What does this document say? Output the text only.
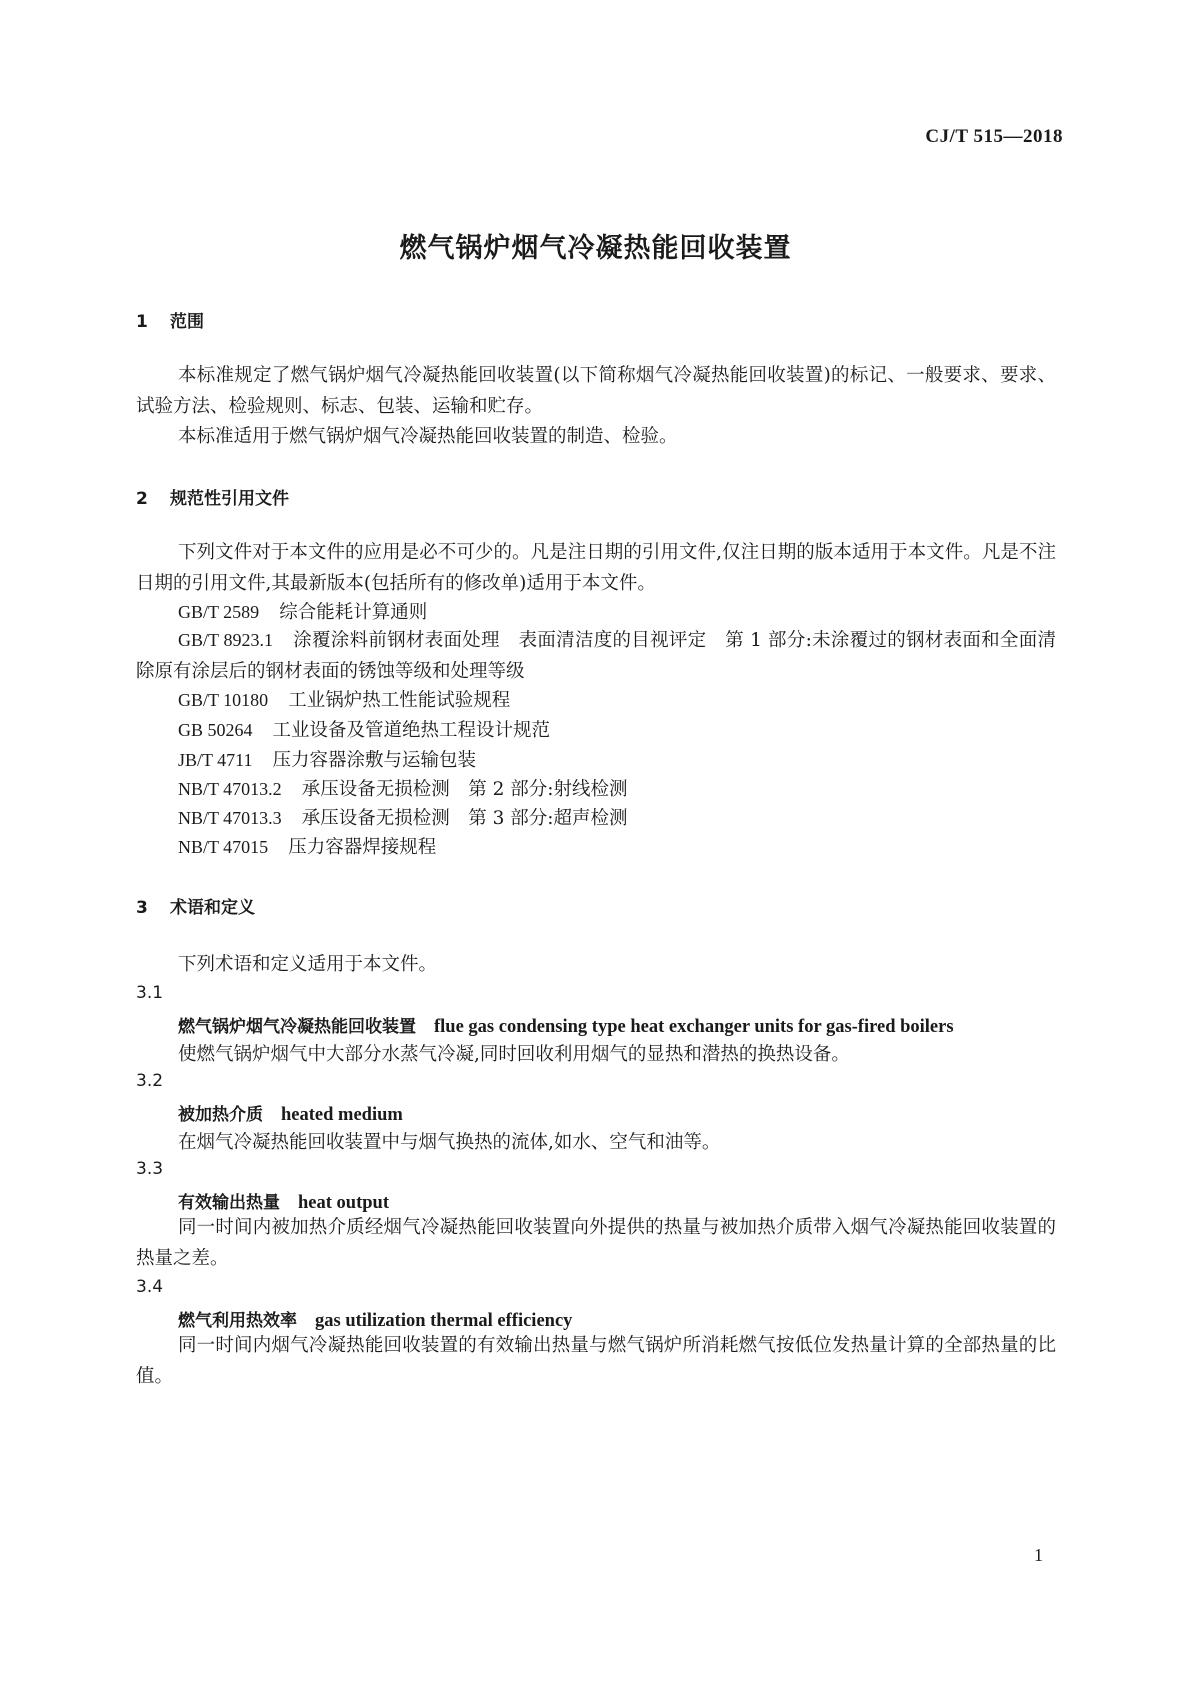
CJ/T 515—2018
燃气锅炉烟气冷凝热能回收装置
1 范围
本标准规定了燃气锅炉烟气冷凝热能回收装置(以下简称烟气冷凝热能回收装置)的标记、一般要求、要求、试验方法、检验规则、标志、包装、运输和贮存。
本标准适用于燃气锅炉烟气冷凝热能回收装置的制造、检验。
2 规范性引用文件
下列文件对于本文件的应用是必不可少的。凡是注日期的引用文件,仅注日期的版本适用于本文件。凡是不注日期的引用文件,其最新版本(包括所有的修改单)适用于本文件。
GB/T 2589 综合能耗计算通则
GB/T 8923.1 涂覆涂料前钢材表面处理　表面清洁度的目视评定　第 1 部分:未涂覆过的钢材表面和全面清除原有涂层后的钢材表面的锈蚀等级和处理等级
GB/T 10180 工业锅炉热工性能试验规程
GB 50264 工业设备及管道绝热工程设计规范
JB/T 4711 压力容器涂敷与运输包装
NB/T 47013.2 承压设备无损检测　第 2 部分:射线检测
NB/T 47013.3 承压设备无损检测　第 3 部分:超声检测
NB/T 47015 压力容器焊接规程
3 术语和定义
下列术语和定义适用于本文件。
3.1
燃气锅炉烟气冷凝热能回收装置 flue gas condensing type heat exchanger units for gas-fired boilers
使燃气锅炉烟气中大部分水蒸气冷凝,同时回收利用烟气的显热和潜热的换热设备。
3.2
被加热介质 heated medium
在烟气冷凝热能回收装置中与烟气换热的流体,如水、空气和油等。
3.3
有效输出热量 heat output
同一时间内被加热介质经烟气冷凝热能回收装置向外提供的热量与被加热介质带入烟气冷凝热能回收装置的热量之差。
3.4
燃气利用热效率 gas utilization thermal efficiency
同一时间内烟气冷凝热能回收装置的有效输出热量与燃气锅炉所消耗燃气按低位发热量计算的全部热量的比值。
1
